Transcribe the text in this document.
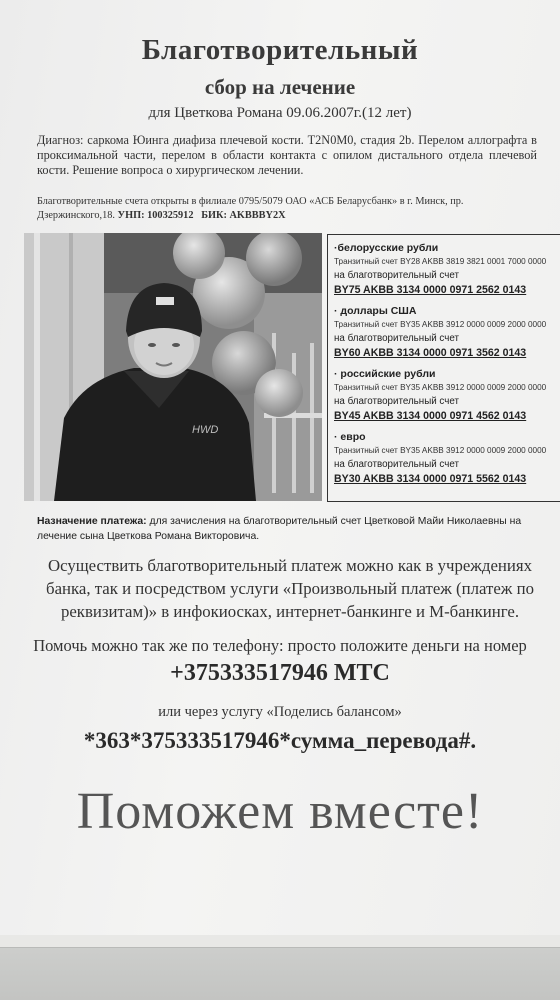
Благотворительный
сбор на лечение
для Цветкова Романа 09.06.2007г.(12 лет)
Диагноз: саркома Юинга диафиза плечевой кости. T2N0M0, стадия 2b. Перелом аллографта в проксимальной части, перелом в области контакта с опилом дистального отдела плечевой кости. Решение вопроса о хирургическом лечении.
Благотворительные счета открыты в филиале 0795/5079 ОАО «АСБ Беларусбанк» в г. Минск, пр. Дзержинского,18. УНП: 100325912 БИК: AKBBBY2X
HWD
·белорусские рубли
Транзитный счет BY28 AKBB 3819 3821 0001 7000 0000
на благотворительный счет
BY75 AKBB 3134 0000 0971 2562 0143
· доллары США
Транзитный счет BY35 AKBB 3912 0000 0009 2000 0000
на благотворительный счет
BY60 AKBB 3134 0000 0971 3562 0143
· российские рубли
Транзитный счет BY35 AKBB 3912 0000 0009 2000 0000
на благотворительный счет
BY45 AKBB 3134 0000 0971 4562 0143
· евро
Транзитный счет BY35 AKBB 3912 0000 0009 2000 0000
на благотворительный счет
BY30 AKBB 3134 0000 0971 5562 0143
Назначение платежа: для зачисления на благотворительный счет Цветковой Майи Николаевны на лечение сына Цветкова Романа Викторовича.
Осуществить благотворительный платеж можно как в учреждениях банка, так и посредством услуги «Произвольный платеж (платеж по реквизитам)» в инфокиосках, интернет-банкинге и М-банкинге.
Помочь можно так же по телефону: просто положите деньги на номер
+375333517946 МТС
или через услугу «Поделись балансом»
*363*375333517946*сумма_перевода#.
Поможем вместе!
